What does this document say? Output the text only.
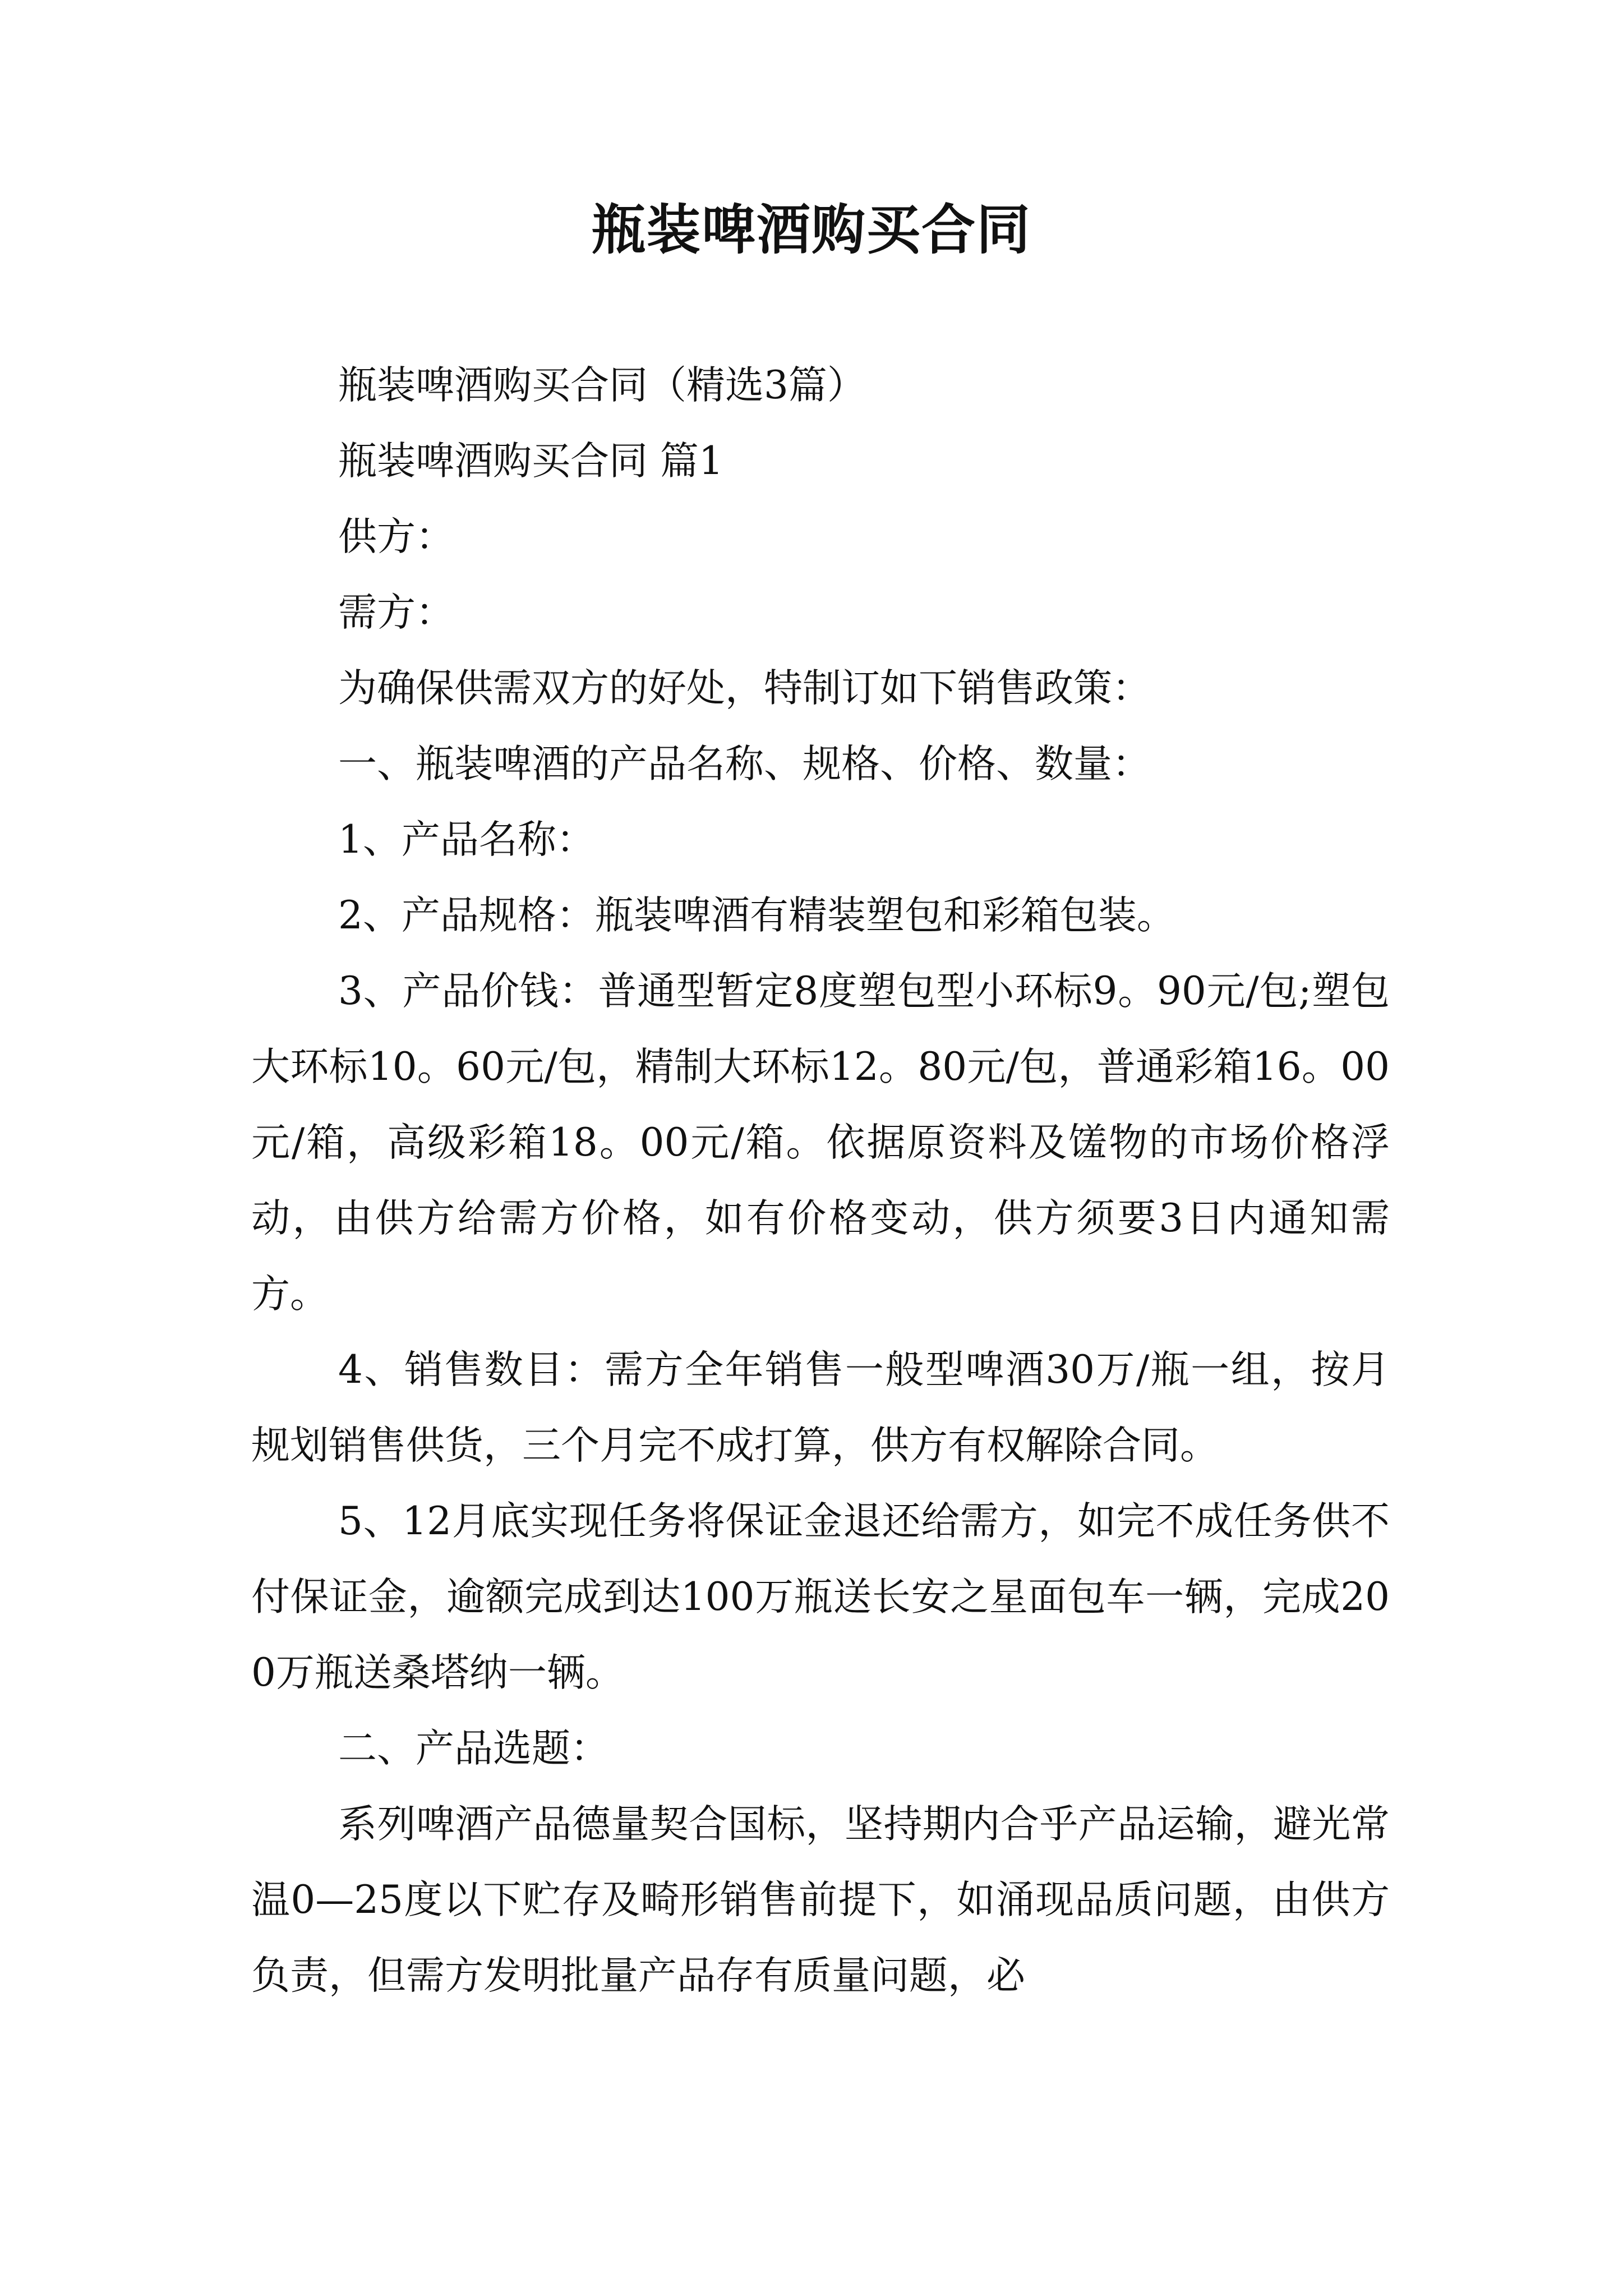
瓶装啤酒购买合同

瓶装啤酒购买合同（精选3篇）

瓶装啤酒购买合同 篇1

供方：

需方：

为确保供需双方的好处，特制订如下销售政策：

一、瓶装啤酒的产品名称、规格、价格、数量：

1、产品名称：

2、产品规格：瓶装啤酒有精装塑包和彩箱包装。

3、产品价钱：普通型暂定8度塑包型小环标9。90元/包;塑包大环标10。60元/包，精制大环标12。80元/包，普通彩箱16。00元/箱，高级彩箱18。00元/箱。依据原资料及馐物的市场价格浮动，由供方给需方价格，如有价格变动，供方须要3日内通知需方。

4、销售数目：需方全年销售一般型啤酒30万/瓶一组，按月规划销售供货，三个月完不成打算，供方有权解除合同。

5、12月底实现任务将保证金退还给需方，如完不成任务供不付保证金，逾额完成到达100万瓶送长安之星面包车一辆，完成200万瓶送桑塔纳一辆。

二、产品选题：

系列啤酒产品德量契合国标，坚持期内合乎产品运输，避光常温0—25度以下贮存及畸形销售前提下，如涌现品质问题，由供方负责，但需方发明批量产品存有质量问题，必
